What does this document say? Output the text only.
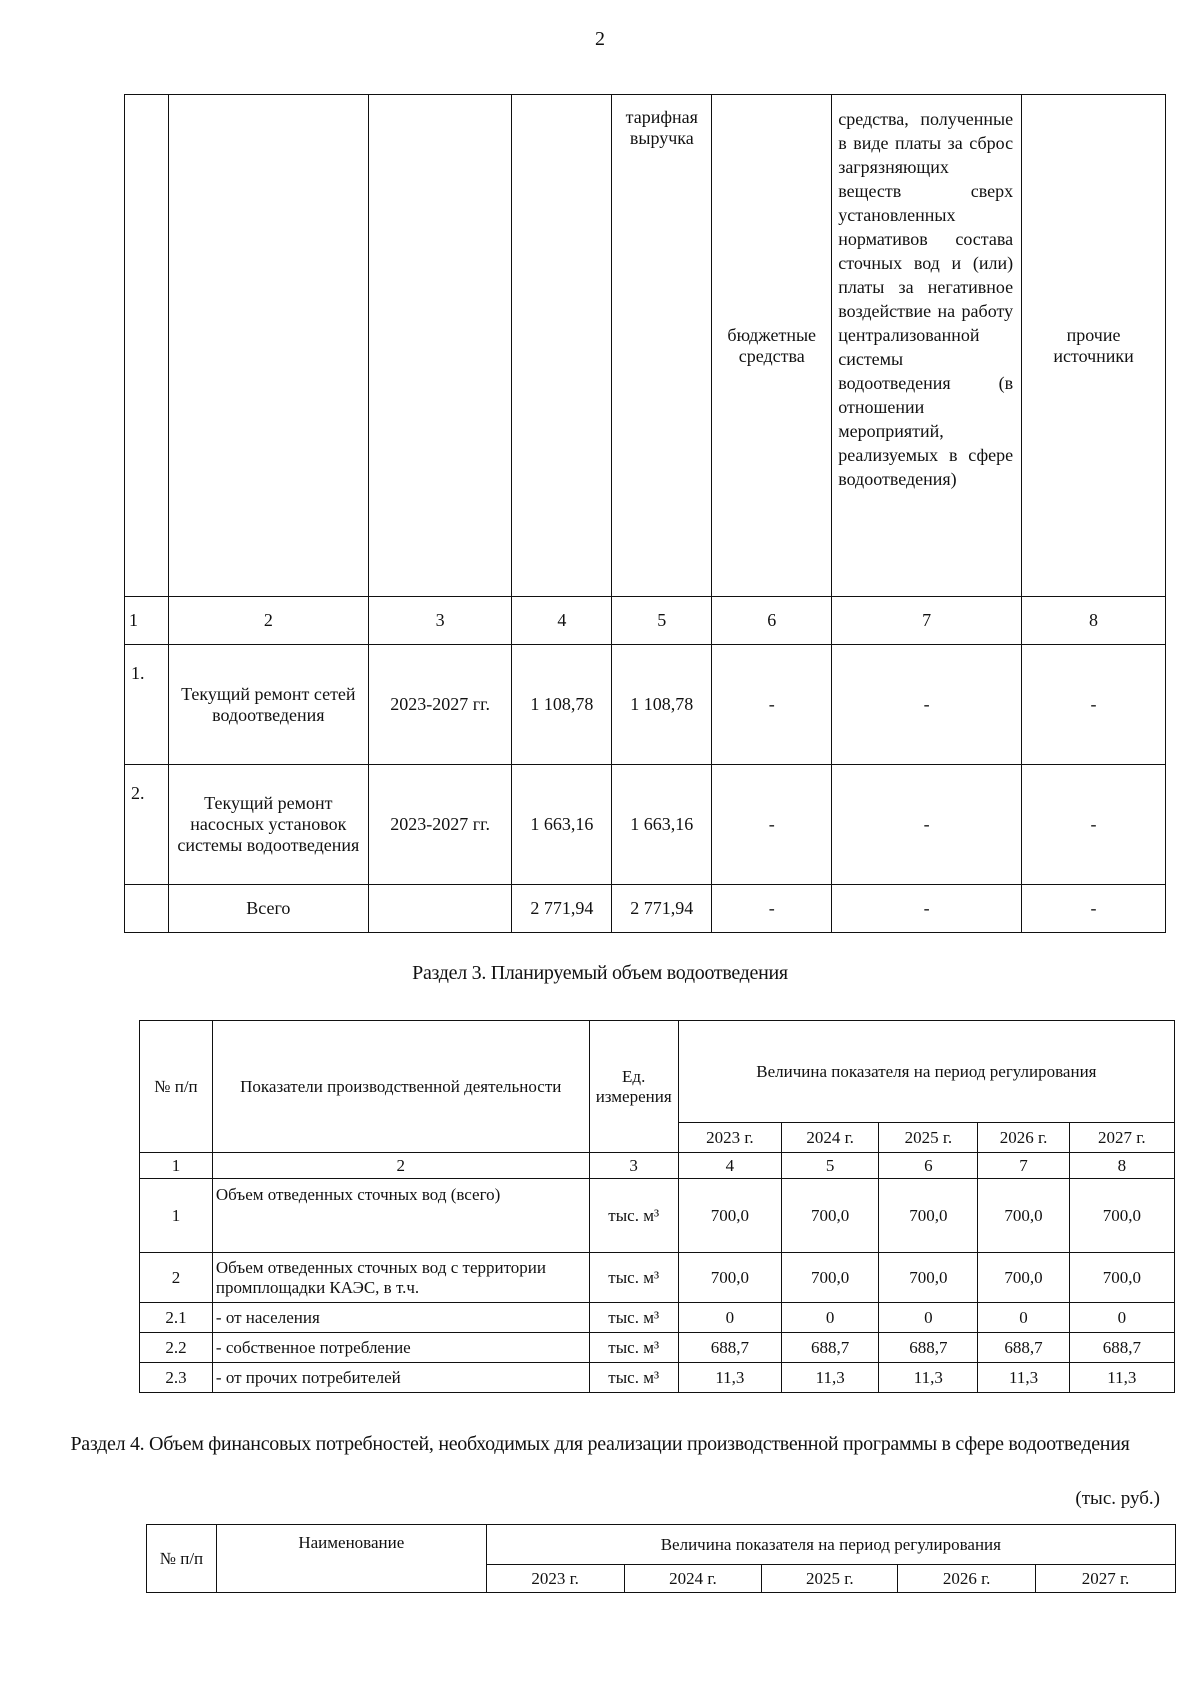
2
				тарифная выручка	бюджетные средства	средства, полученные в виде платы за сброс загрязняющих веществ сверх установленных нормативов состава сточных вод и (или) платы за негативное воздействие на работу централизованной системы водоотведения (в отношении мероприятий, реализуемых в сфере водоотведения)	прочие источники
1	2	3	4	5	6	7	8
1.	Текущий ремонт сетей водоотведения	2023-2027 гг.	1 108,78	1 108,78	-	-	-
2.	Текущий ремонт насосных установок системы водоотведения	2023-2027 гг.	1 663,16	1 663,16	-	-	-
	Всего		2 771,94	2 771,94	-	-	-
Раздел 3. Планируемый объем водоотведения
№ п/п	Показатели производственной деятельности	Ед. измерения	Величина показателя на период регулирования				
			2023 г.	2024 г.	2025 г.	2026 г.	2027 г.
1	2	3	4	5	6	7	8
1	Объем отведенных сточных вод (всего)	тыс. м³	700,0	700,0	700,0	700,0	700,0
2	Объем отведенных сточных вод с территории промплощадки КАЭС, в т.ч.	тыс. м³	700,0	700,0	700,0	700,0	700,0
2.1	- от населения	тыс. м³	0	0	0	0	0
2.2	- собственное потребление	тыс. м³	688,7	688,7	688,7	688,7	688,7
2.3	- от прочих потребителей	тыс. м³	11,3	11,3	11,3	11,3	11,3
Раздел 4. Объем финансовых потребностей, необходимых для реализации производственной программы в сфере водоотведения
(тыс. руб.)
№ п/п	Наименование	Величина показателя на период регулирования				
		2023 г.	2024 г.	2025 г.	2026 г.	2027 г.
